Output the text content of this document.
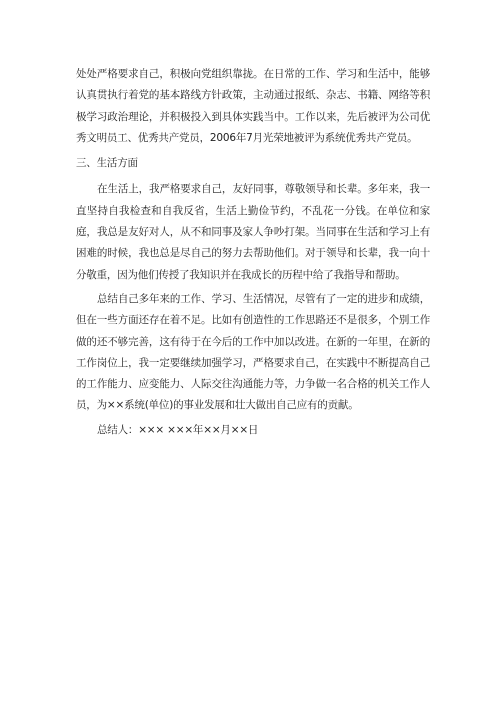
处处严格要求自己，积极向党组织靠拢。在日常的工作、学习和生活中，能够认真贯执行着党的基本路线方针政策，主动通过报纸、杂志、书籍、网络等积极学习政治理论，并积极投入到具体实践当中。工作以来，先后被评为公司优秀文明员工、优秀共产党员，2006年7月光荣地被评为系统优秀共产党员。

三、生活方面

在生活上，我严格要求自己，友好同事，尊敬领导和长辈。多年来，我一直坚持自我检查和自我反省，生活上勤俭节约，不乱花一分钱。在单位和家庭，我总是友好对人，从不和同事及家人争吵打架。当同事在生活和学习上有困难的时候，我也总是尽自己的努力去帮助他们。对于领导和长辈，我一向十分敬重，因为他们传授了我知识并在我成长的历程中给了我指导和帮助。

总结自己多年来的工作、学习、生活情况，尽管有了一定的进步和成绩，但在一些方面还存在着不足。比如有创造性的工作思路还不是很多，个别工作做的还不够完善，这有待于在今后的工作中加以改进。在新的一年里，在新的工作岗位上，我一定要继续加强学习，严格要求自己，在实践中不断提高自己的工作能力、应变能力、人际交往沟通能力等，力争做一名合格的机关工作人员，为××系统(单位)的事业发展和壮大做出自己应有的贡献。

总结人：××× ×××年××月××日
